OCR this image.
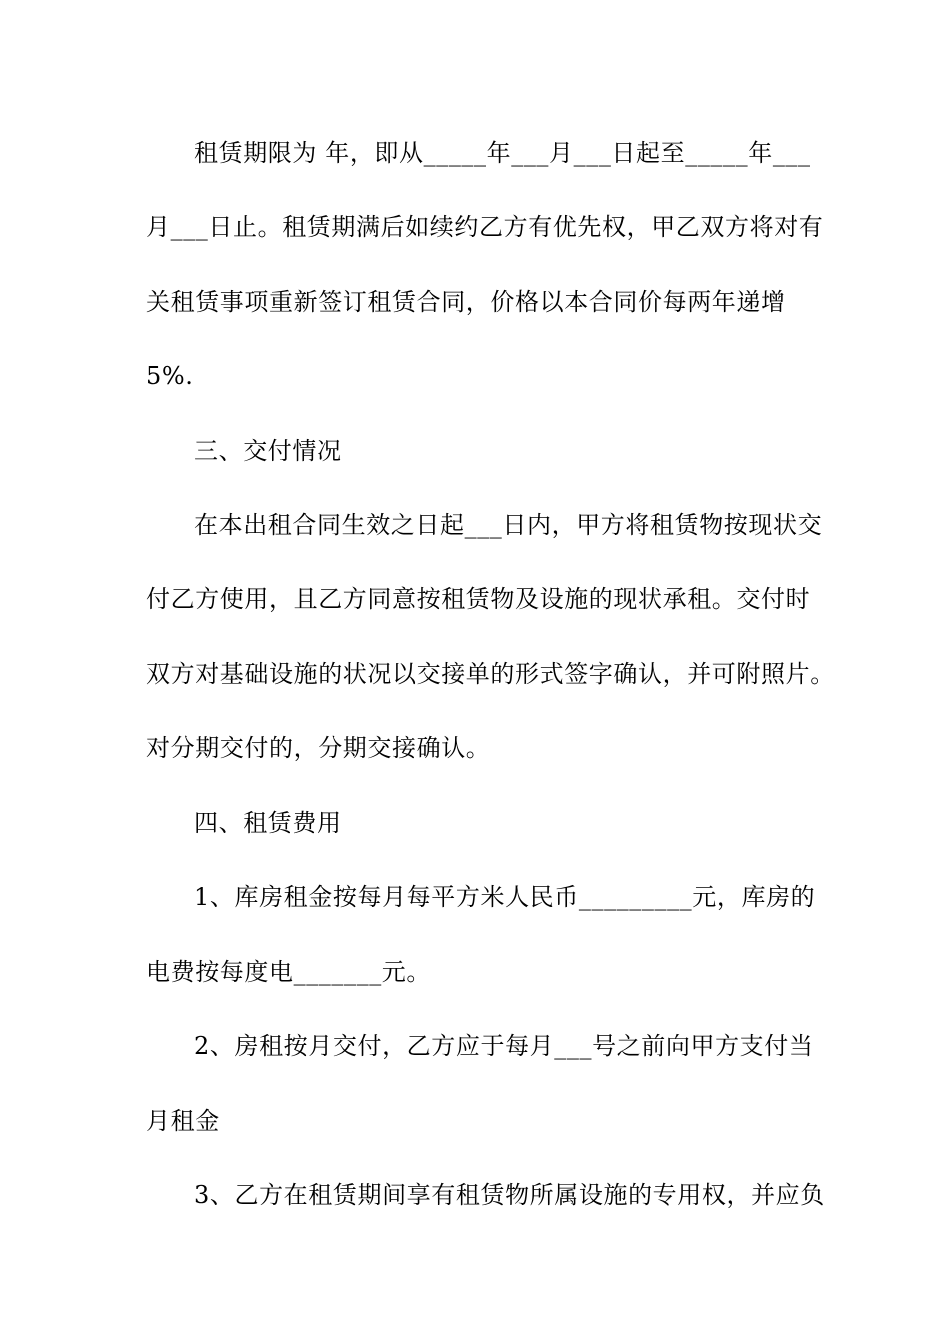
租赁期限为 年，即从_____年___月___日起至_____年___
月___日止。租赁期满后如续约乙方有优先权，甲乙双方将对有
关租赁事项重新签订租赁合同，价格以本合同价每两年递增
5%.
三、交付情况
在本出租合同生效之日起___日内，甲方将租赁物按现状交
付乙方使用，且乙方同意按租赁物及设施的现状承租。交付时
双方对基础设施的状况以交接单的形式签字确认，并可附照片。
对分期交付的，分期交接确认。
四、租赁费用
1、库房租金按每月每平方米人民币_________元，库房的
电费按每度电_______元。
2、房租按月交付，乙方应于每月___号之前向甲方支付当
月租金
3、乙方在租赁期间享有租赁物所属设施的专用权，并应负
